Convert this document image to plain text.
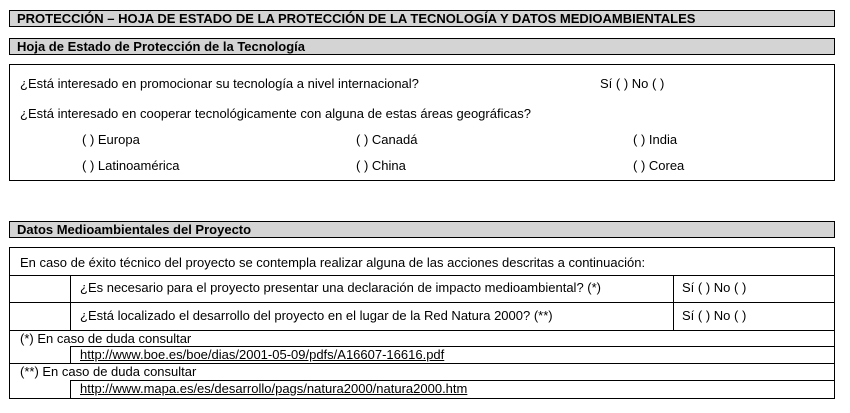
PROTECCIÓN – HOJA DE ESTADO DE LA PROTECCIÓN DE LA TECNOLOGÍA Y DATOS MEDIOAMBIENTALES
Hoja de Estado de Protección de la Tecnología
¿Está interesado en promocionar su tecnología a nivel internacional?	Sí ( ) No ( )
¿Está interesado en cooperar tecnológicamente con alguna de estas áreas geográficas?
( ) Europa	( ) Canadá	( ) India
( ) Latinoamérica	( ) China	( ) Corea
Datos Medioambientales del Proyecto
En caso de éxito técnico del proyecto se contempla realizar alguna de las acciones descritas a continuación:
¿Es necesario para el proyecto presentar una declaración de impacto medioambiental? (*)	Sí ( ) No ( )
¿Está localizado el desarrollo del proyecto en el lugar de la Red Natura 2000? (**)	Sí ( ) No ( )
(*) En caso de duda consultar
http://www.boe.es/boe/dias/2001-05-09/pdfs/A16607-16616.pdf
(**) En caso de duda consultar
http://www.mapa.es/es/desarrollo/pags/natura2000/natura2000.htm
